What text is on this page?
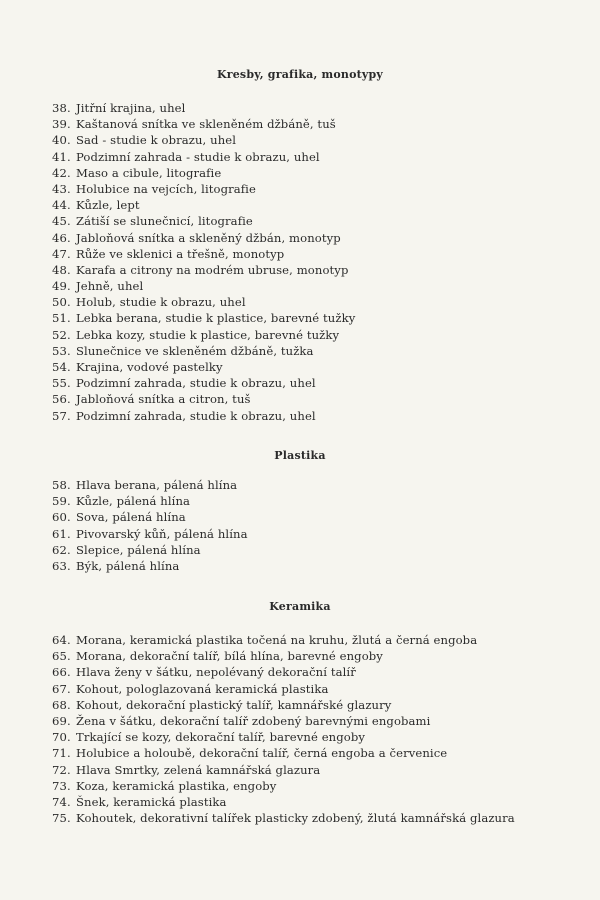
Kresby, grafika, monotypy
38. Jitřní krajina, uhel
39. Kaštanová snítka ve skleněném džbáně, tuš
40. Sad - studie k obrazu, uhel
41. Podzimní zahrada - studie k obrazu, uhel
42. Maso a cibule, litografie
43. Holubice na vejcích, litografie
44. Kůzle, lept
45. Zátiší se slunečnicí, litografie
46. Jabloňová snítka a skleněný džbán, monotyp
47. Růže ve sklenici a třešně, monotyp
48. Karafa a citrony na modrém ubruse, monotyp
49. Jehně, uhel
50. Holub, studie k obrazu, uhel
51. Lebka berana, studie k plastice, barevné tužky
52. Lebka kozy, studie k plastice, barevné tužky
53. Slunečnice ve skleněném džbáně, tužka
54. Krajina, vodové pastelky
55. Podzimní zahrada, studie k obrazu, uhel
56. Jabloňová snítka a citron, tuš
57. Podzimní zahrada, studie k obrazu, uhel
Plastika
58. Hlava berana, pálená hlína
59. Kůzle, pálená hlína
60. Sova, pálená hlína
61. Pivovarský kůň, pálená hlína
62. Slepice, pálená hlína
63. Býk, pálená hlína
Keramika
64. Morana, keramická plastika točená na kruhu, žlutá a černá engoba
65. Morana, dekorační talíř, bílá hlína, barevné engoby
66. Hlava ženy v šátku, nepolévaný dekorační talíř
67. Kohout, pologlazovaná keramická plastika
68. Kohout, dekorační plastický talíř, kamnářské glazury
69. Žena v šátku, dekorační talíř zdobený barevnými engobami
70. Trkající se kozy, dekorační talíř, barevné engoby
71. Holubice a holoubě, dekorační talíř, černá engoba a červenice
72. Hlava Smrtky, zelená kamnářská glazura
73. Koza, keramická plastika, engoby
74. Šnek, keramická plastika
75. Kohoutek, dekorativní talířek plasticky zdobený, žlutá kamnářská glazura
